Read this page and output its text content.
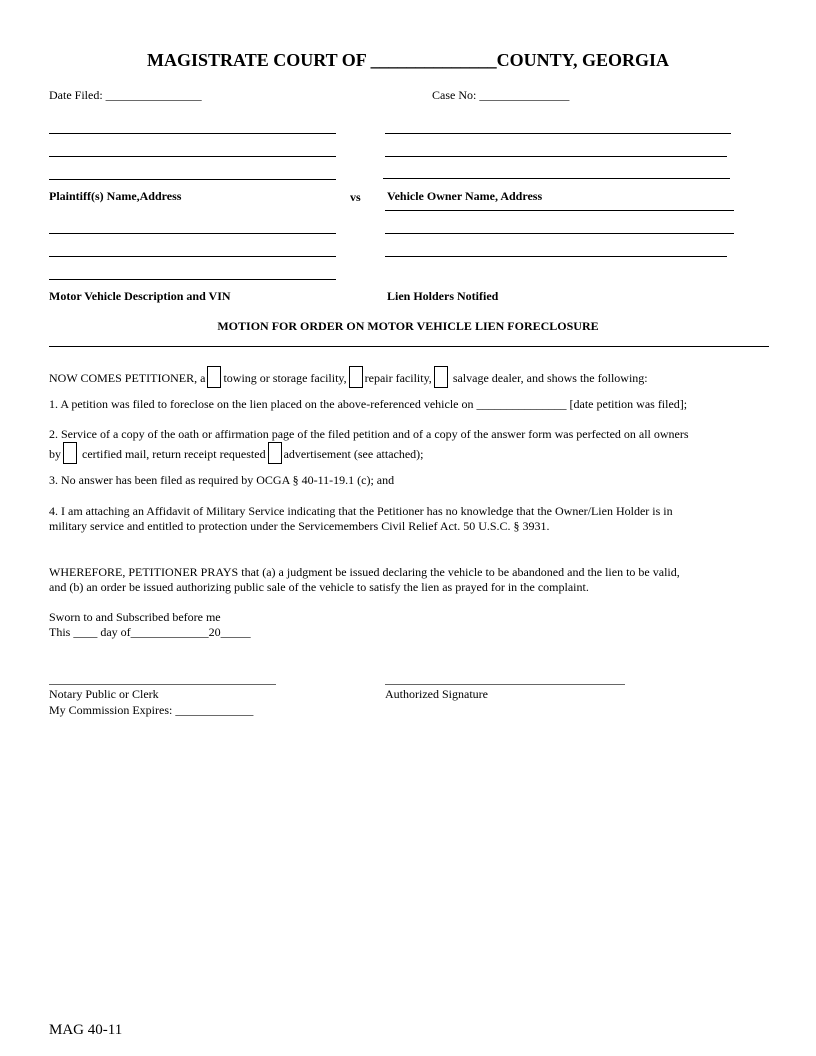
MAGISTRATE COURT OF ______________COUNTY, GEORGIA
Date Filed: ________________	Case No: _______________
Plaintiff(s) Name,Address	vs Vehicle Owner Name, Address
Motor Vehicle Description and VIN	Lien Holders Notified
MOTION FOR ORDER ON MOTOR VEHICLE LIEN FORECLOSURE
NOW COMES PETITIONER, a towing or storage facility, repair facility, salvage dealer, and shows the following:
1. A petition was filed to foreclose on the lien placed on the above-referenced vehicle on _______________ [date petition was filed];
2. Service of a copy of the oath or affirmation page of the filed petition and of a copy of the answer form was perfected on all owners
by certified mail, return receipt requested advertisement (see attached);
3. No answer has been filed as required by OCGA § 40-11-19.1 (c); and
4. I am attaching an Affidavit of Military Service indicating that the Petitioner has no knowledge that the Owner/Lien Holder is in
military service and entitled to protection under the Servicemembers Civil Relief Act. 50 U.S.C. § 3931.
WHEREFORE, PETITIONER PRAYS that (a) a judgment be issued declaring the vehicle to be abandoned and the lien to be valid,
and (b) an order be issued authorizing public sale of the vehicle to satisfy the lien as prayed for in the complaint.
Sworn to and Subscribed before me
This ____ day of_____________20_____
Notary Public or Clerk	Authorized Signature
My Commission Expires: _____________
MAG 40-11
